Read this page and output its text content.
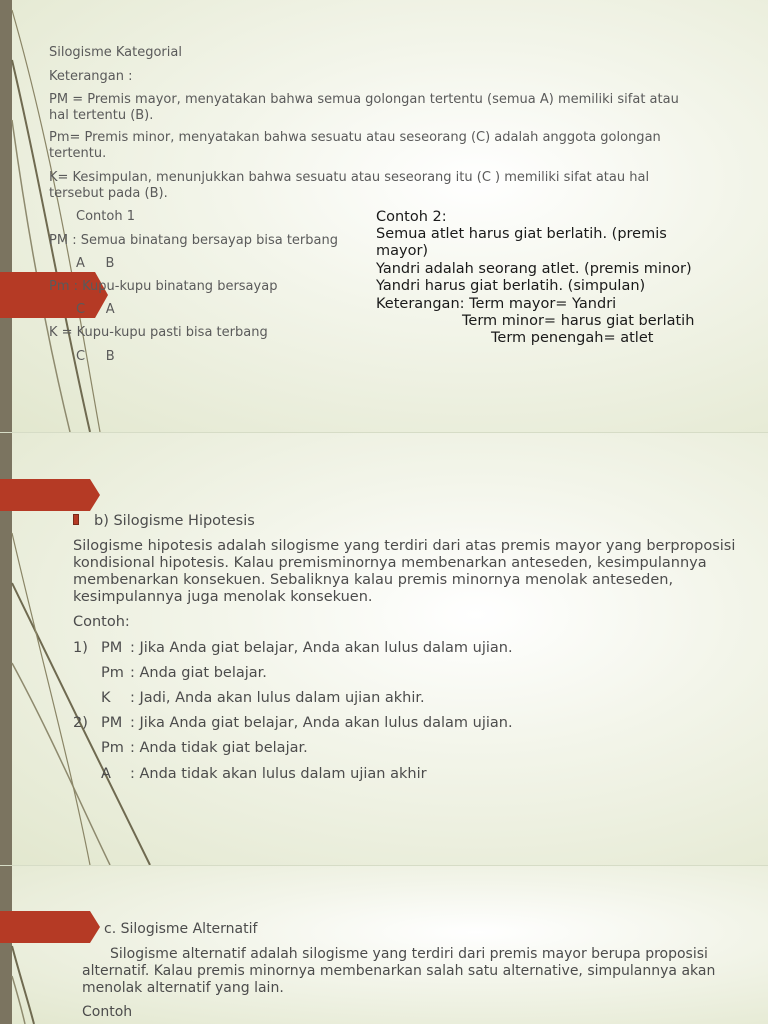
Silogisme Kategorial
Keterangan :
PM = Premis mayor, menyatakan bahwa semua golongan tertentu (semua A) memiliki sifat atau hal tertentu (B).
Pm= Premis minor, menyatakan bahwa sesuatu atau seseorang (C) adalah anggota golongan tertentu.
K= Kesimpulan, menunjukkan bahwa sesuatu atau seseorang itu (C ) memiliki sifat atau hal tersebut pada (B).
Contoh 1
PM : Semua binatang bersayap bisa terbang
A     B
Pm : Kupu-kupu binatang bersayap
C     A
K = Kupu-kupu pasti bisa terbang
C     B
Contoh 2:
Semua atlet harus giat berlatih. (premis
mayor)
Yandri adalah seorang atlet. (premis minor)
Yandri harus giat berlatih. (simpulan)
Keterangan: Term mayor= Yandri
Term minor= harus giat berlatih
Term penengah= atlet
b) Silogisme Hipotesis
Silogisme hipotesis adalah silogisme yang terdiri dari atas premis mayor yang berproposisi kondisional hipotesis. Kalau premisminornya membenarkan anteseden, kesimpulannya membenarkan konsekuen. Sebaliknya kalau premis minornya menolak anteseden, kesimpulannya juga menolak konsekuen.
Contoh:
1) PM : Jika Anda giat belajar, Anda akan lulus dalam ujian.
Pm : Anda giat belajar.
K : Jadi, Anda akan lulus dalam ujian akhir.
2) PM : Jika Anda giat belajar, Anda akan lulus dalam ujian.
Pm : Anda tidak giat belajar.
A : Anda tidak akan lulus dalam ujian akhir
c. Silogisme Alternatif
Silogisme alternatif adalah silogisme yang terdiri dari premis mayor berupa proposisi alternatif. Kalau premis minornya membenarkan salah satu alternative, simpulannya akan menolak alternatif yang lain.
Contoh
